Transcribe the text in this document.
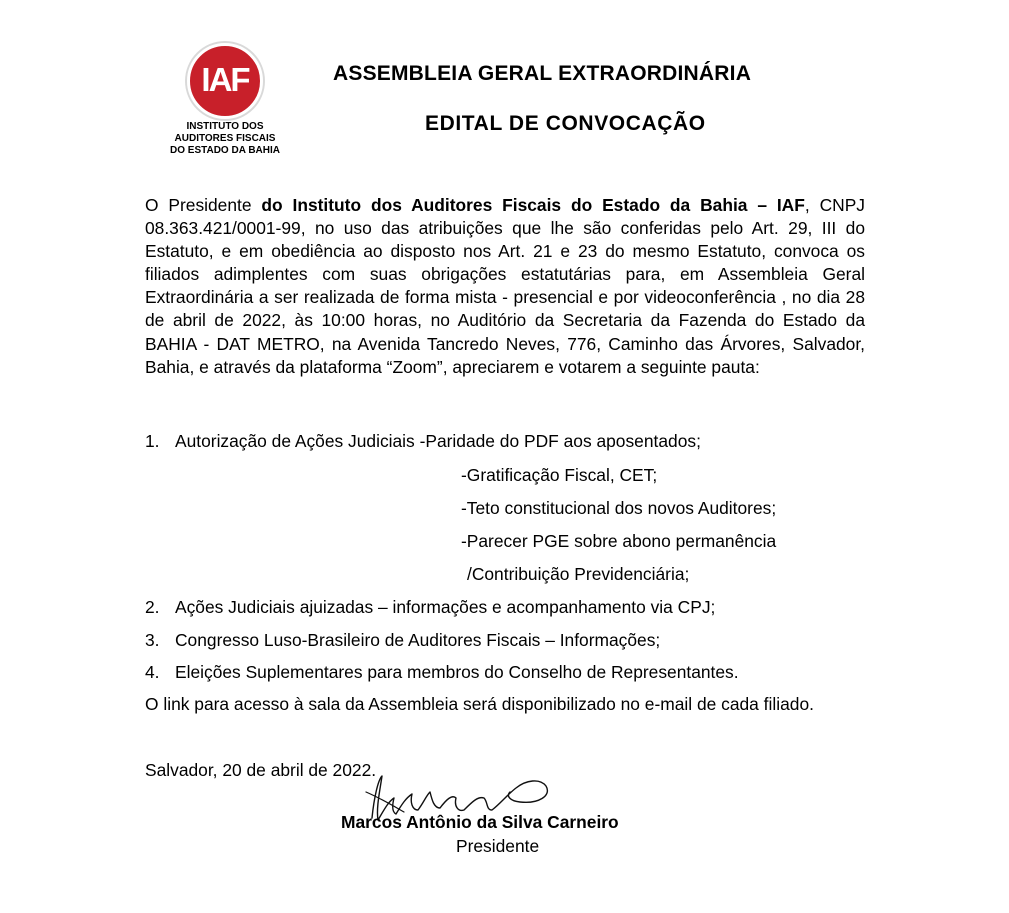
IAF
INSTITUTO DOS
AUDITORES FISCAIS
DO ESTADO DA BAHIA
ASSEMBLEIA GERAL EXTRAORDINÁRIA
EDITAL DE CONVOCAÇÃO
O Presidente do Instituto dos Auditores Fiscais do Estado da Bahia – IAF, CNPJ 08.363.421/0001-99, no uso das atribuições que lhe são conferidas pelo Art. 29, III do Estatuto, e em obediência ao disposto nos Art. 21 e 23 do mesmo Estatuto, convoca os filiados adimplentes com suas obrigações estatutárias para, em Assembleia Geral Extraordinária a ser realizada de forma mista - presencial e por videoconferência , no dia 28 de abril de 2022, às 10:00 horas, no Auditório da Secretaria da Fazenda do Estado da BAHIA - DAT METRO, na Avenida Tancredo Neves, 776, Caminho das Árvores, Salvador, Bahia, e através da plataforma “Zoom”, apreciarem e votarem a seguinte pauta:
1. Autorização de Ações Judiciais -Paridade do PDF aos aposentados;
-Gratificação Fiscal, CET;
-Teto constitucional dos novos Auditores;
-Parecer PGE sobre abono permanência
/Contribuição Previdenciária;
2. Ações Judiciais ajuizadas – informações e acompanhamento via CPJ;
3. Congresso Luso-Brasileiro de Auditores Fiscais – Informações;
4. Eleições Suplementares para membros do Conselho de Representantes.
O link para acesso à sala da Assembleia será disponibilizado no e-mail de cada filiado.
Salvador, 20 de abril de 2022.
Marcos Antônio da Silva Carneiro
Presidente
